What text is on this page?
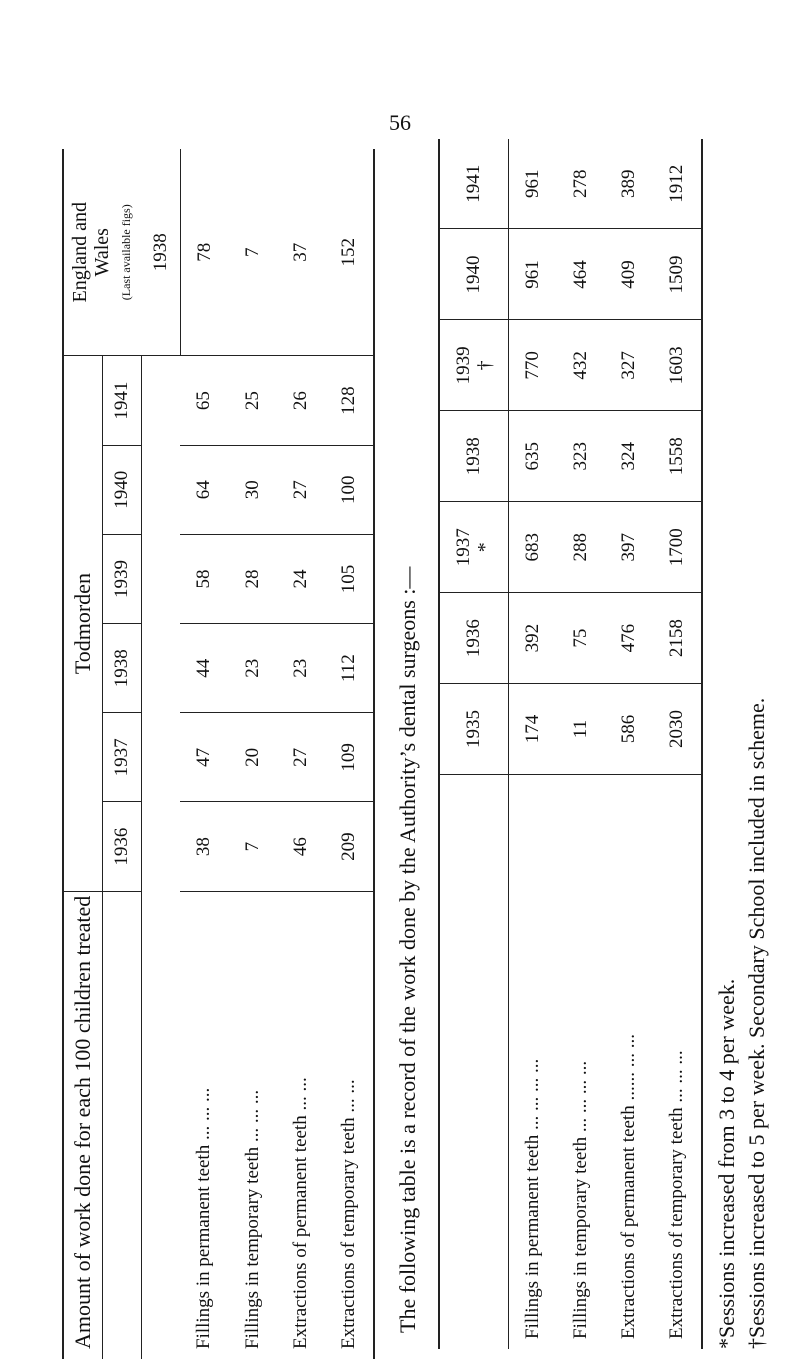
56
Amount of work done for each 100 children treated	Todmorden						England and
Wales (Last available figs)
	1936	1937	1938	1939	1940	1941	
							1938
Fillings in permanent teeth ... ... ...	38	47	44	58	64	65	78
Fillings in temporary teeth ... ... ...	7	20	23	28	30	25	7
Extractions of permanent teeth ... ...	46	27	23	24	27	26	37
Extractions of temporary teeth ... ...	209	109	112	105	100	128	152
The following table is a record of the work done by the Authority’s dental surgeons :—
	1935	1936	1937 *	1938	1939 †	1940	1941

Fillings in permanent teeth ... ... ... ...	174	392	683	635	770	961	961
Fillings in temporary teeth ... ... ... ...	11	75	288	323	432	464	278
Extractions of permanent teeth ...... ... ...	586	476	397	324	327	409	389
Extractions of temporary teeth ... ... ...	2030	2158	1700	1558	1603	1509	1912
*Sessions increased from 3 to 4 per week. †Sessions increased to 5 per week. Secondary School included in scheme.
